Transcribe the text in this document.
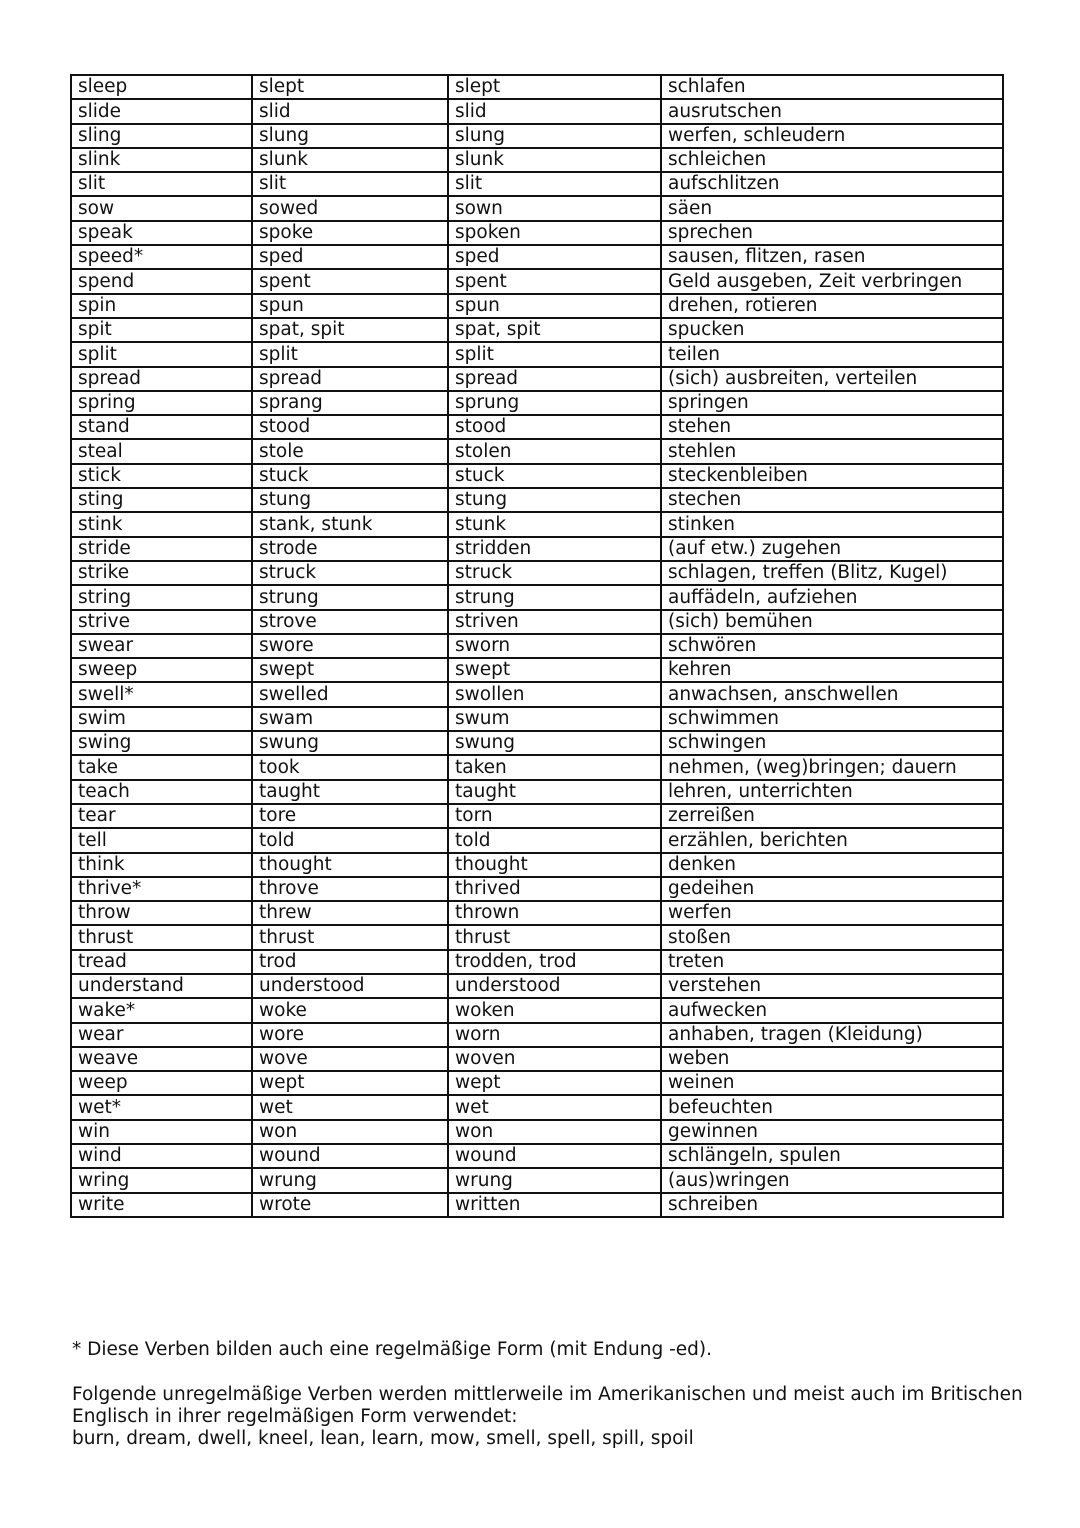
sleep	slept	slept	schlafen
slide	slid	slid	ausrutschen
sling	slung	slung	werfen, schleudern
slink	slunk	slunk	schleichen
slit	slit	slit	aufschlitzen
sow	sowed	sown	säen
speak	spoke	spoken	sprechen
speed*	sped	sped	sausen, flitzen, rasen
spend	spent	spent	Geld ausgeben, Zeit verbringen
spin	spun	spun	drehen, rotieren
spit	spat, spit	spat, spit	spucken
split	split	split	teilen
spread	spread	spread	(sich) ausbreiten, verteilen
spring	sprang	sprung	springen
stand	stood	stood	stehen
steal	stole	stolen	stehlen
stick	stuck	stuck	steckenbleiben
sting	stung	stung	stechen
stink	stank, stunk	stunk	stinken
stride	strode	stridden	(auf etw.) zugehen
strike	struck	struck	schlagen, treffen (Blitz, Kugel)
string	strung	strung	auffädeln, aufziehen
strive	strove	striven	(sich) bemühen
swear	swore	sworn	schwören
sweep	swept	swept	kehren
swell*	swelled	swollen	anwachsen, anschwellen
swim	swam	swum	schwimmen
swing	swung	swung	schwingen
take	took	taken	nehmen, (weg)bringen; dauern
teach	taught	taught	lehren, unterrichten
tear	tore	torn	zerreißen
tell	told	told	erzählen, berichten
think	thought	thought	denken
thrive*	throve	thrived	gedeihen
throw	threw	thrown	werfen
thrust	thrust	thrust	stoßen
tread	trod	trodden, trod	treten
understand	understood	understood	verstehen
wake*	woke	woken	aufwecken
wear	wore	worn	anhaben, tragen (Kleidung)
weave	wove	woven	weben
weep	wept	wept	weinen
wet*	wet	wet	befeuchten
win	won	won	gewinnen
wind	wound	wound	schlängeln, spulen
wring	wrung	wrung	(aus)wringen
write	wrote	written	schreiben
* Diese Verben bilden auch eine regelmäßige Form (mit Endung -ed).
Folgende unregelmäßige Verben werden mittlerweile im Amerikanischen und meist auch im Britischen Englisch in ihrer regelmäßigen Form verwendet:
burn, dream, dwell, kneel, lean, learn, mow, smell, spell, spill, spoil
